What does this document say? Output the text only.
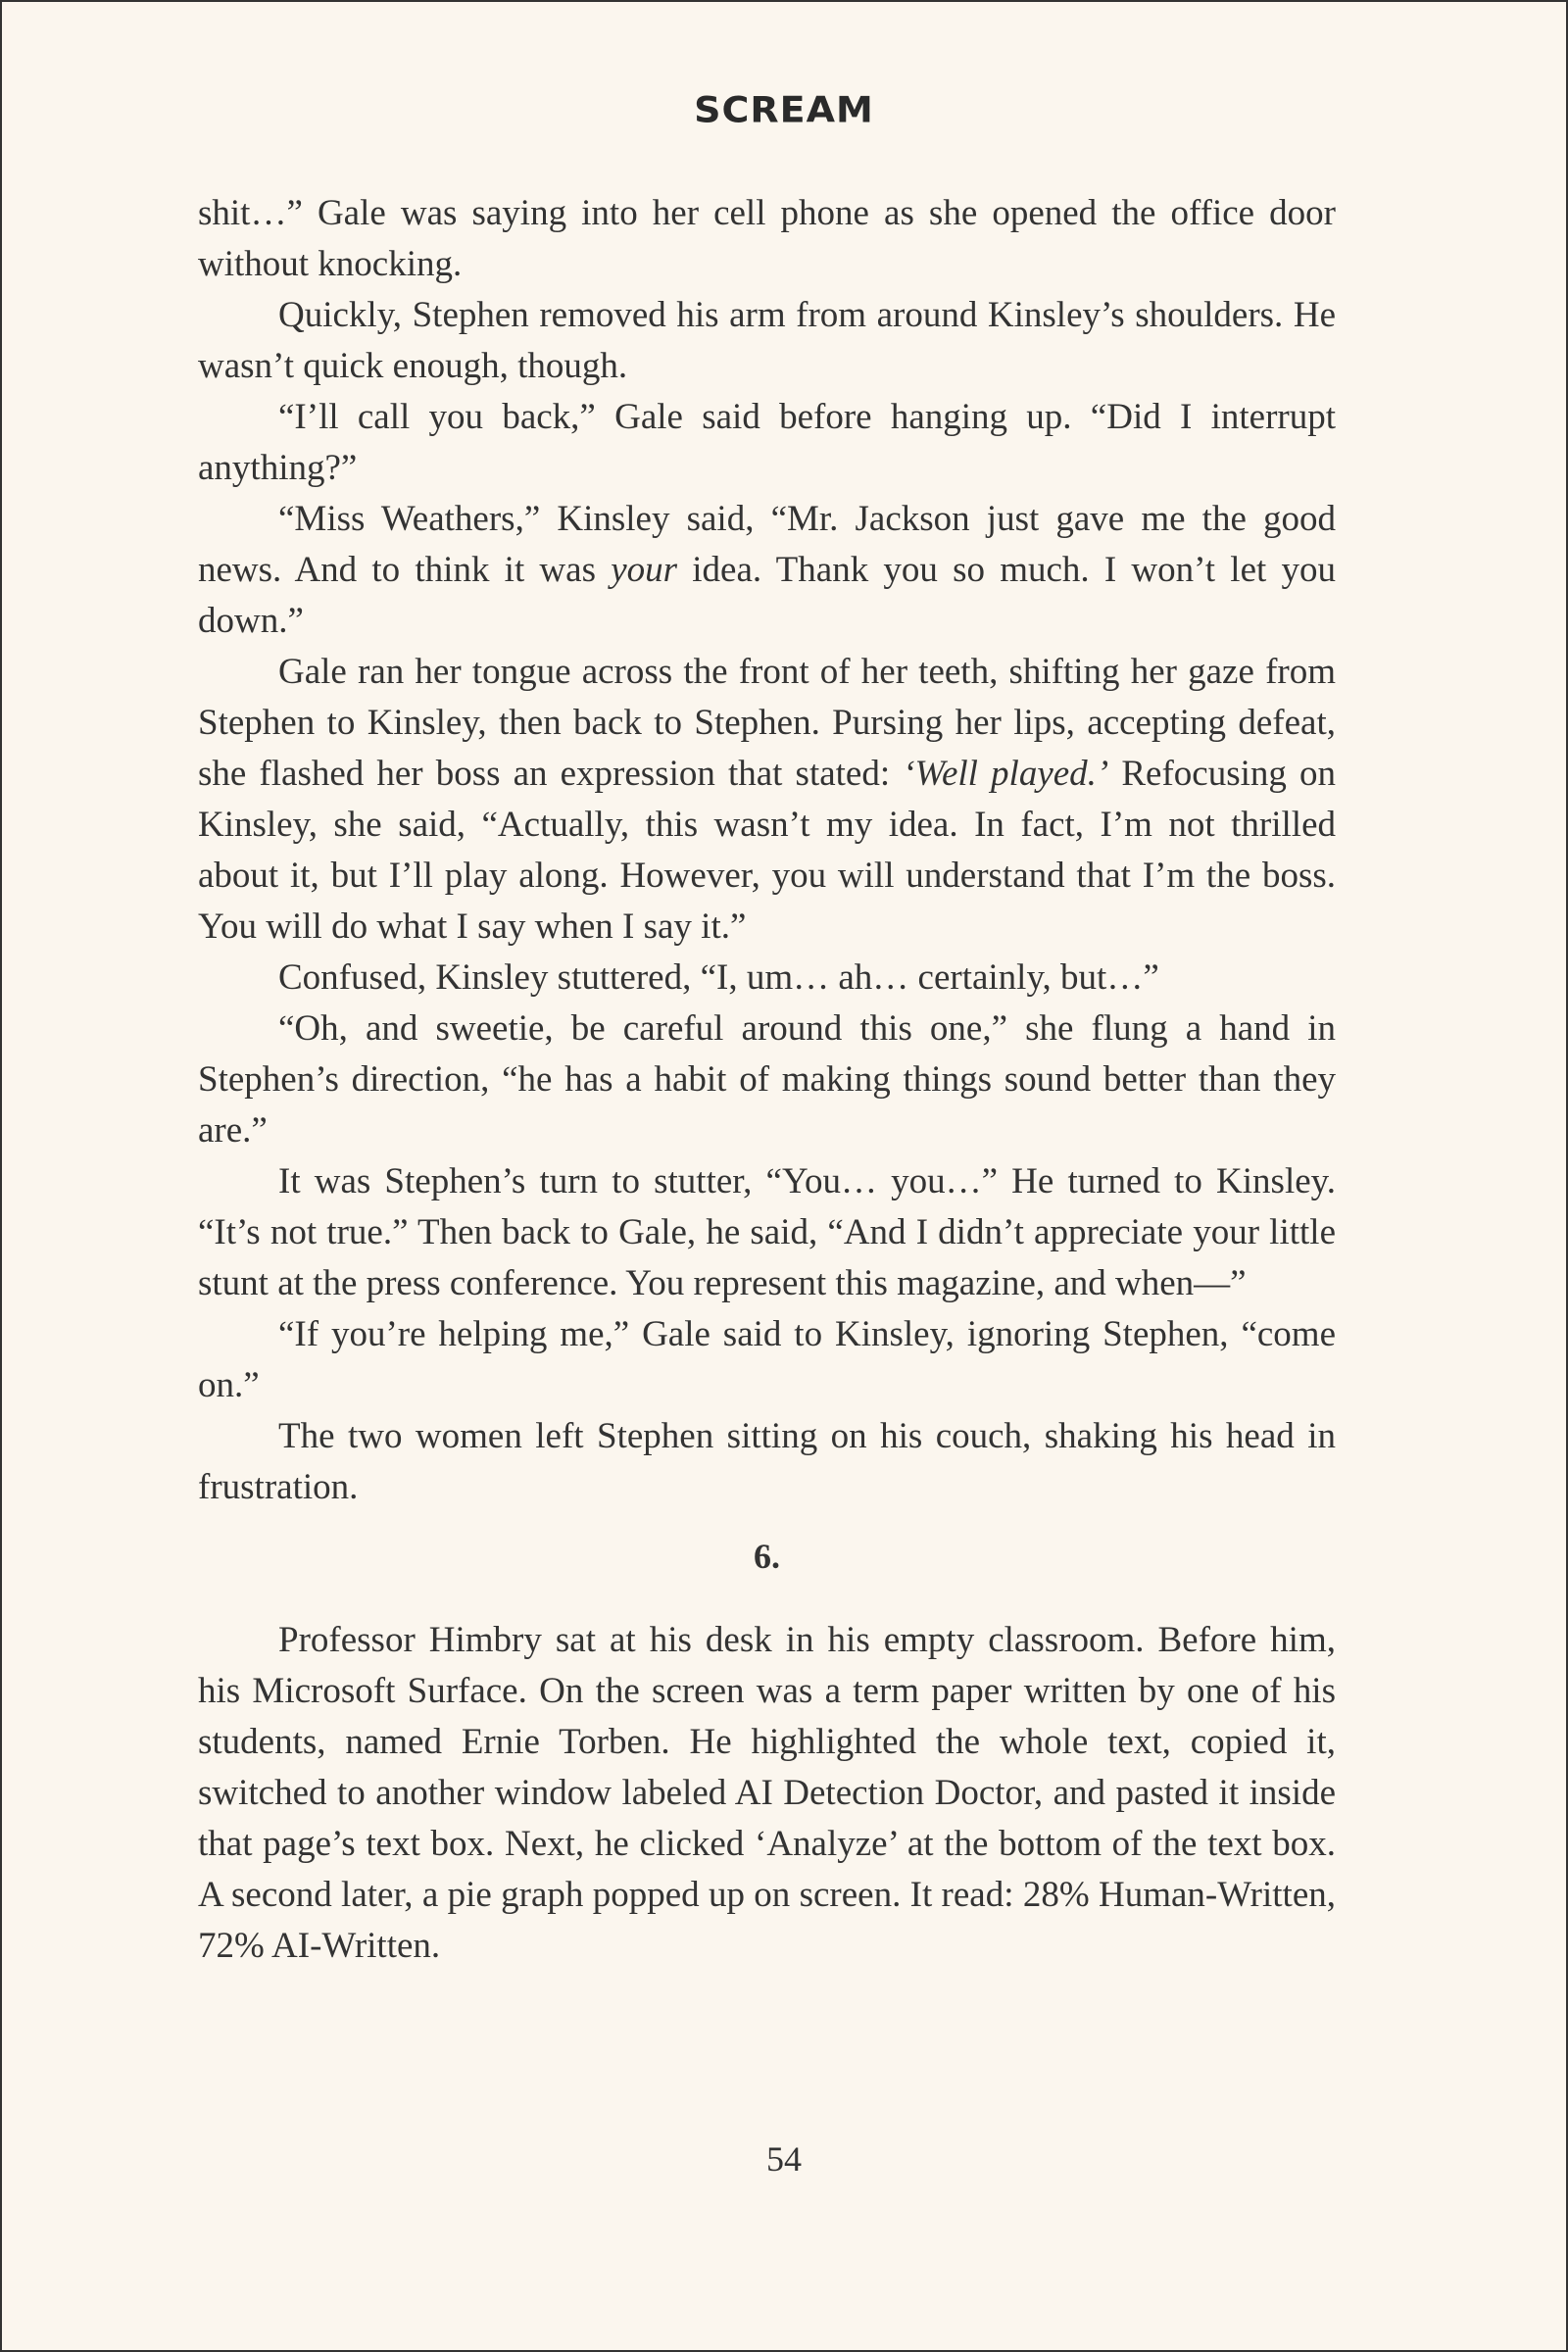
SCREAM

shit…” Gale was saying into her cell phone as she opened the office door without knocking.

Quickly, Stephen removed his arm from around Kinsley’s shoulders. He wasn’t quick enough, though.

“I’ll call you back,” Gale said before hanging up. “Did I interrupt anything?”

“Miss Weathers,” Kinsley said, “Mr. Jackson just gave me the good news. And to think it was your idea. Thank you so much. I won’t let you down.”

Gale ran her tongue across the front of her teeth, shifting her gaze from Stephen to Kinsley, then back to Stephen. Pursing her lips, accepting defeat, she flashed her boss an expression that stated: ‘Well played.’ Refocusing on Kinsley, she said, “Actually, this wasn’t my idea. In fact, I’m not thrilled about it, but I’ll play along. However, you will understand that I’m the boss. You will do what I say when I say it.”

Confused, Kinsley stuttered, “I, um… ah… certainly, but…”

“Oh, and sweetie, be careful around this one,” she flung a hand in Stephen’s direction, “he has a habit of making things sound better than they are.”

It was Stephen’s turn to stutter, “You… you…” He turned to Kinsley. “It’s not true.” Then back to Gale, he said, “And I didn’t appreciate your little stunt at the press conference. You represent this magazine, and when—”

“If you’re helping me,” Gale said to Kinsley, ignoring Stephen, “come on.”

The two women left Stephen sitting on his couch, shaking his head in frustration.

6.

Professor Himbry sat at his desk in his empty classroom. Before him, his Microsoft Surface. On the screen was a term paper written by one of his students, named Ernie Torben. He highlighted the whole text, copied it, switched to another window labeled AI Detection Doctor, and pasted it inside that page’s text box. Next, he clicked ‘Analyze’ at the bottom of the text box. A second later, a pie graph popped up on screen. It read: 28% Human-Written, 72% AI-Written.

54
